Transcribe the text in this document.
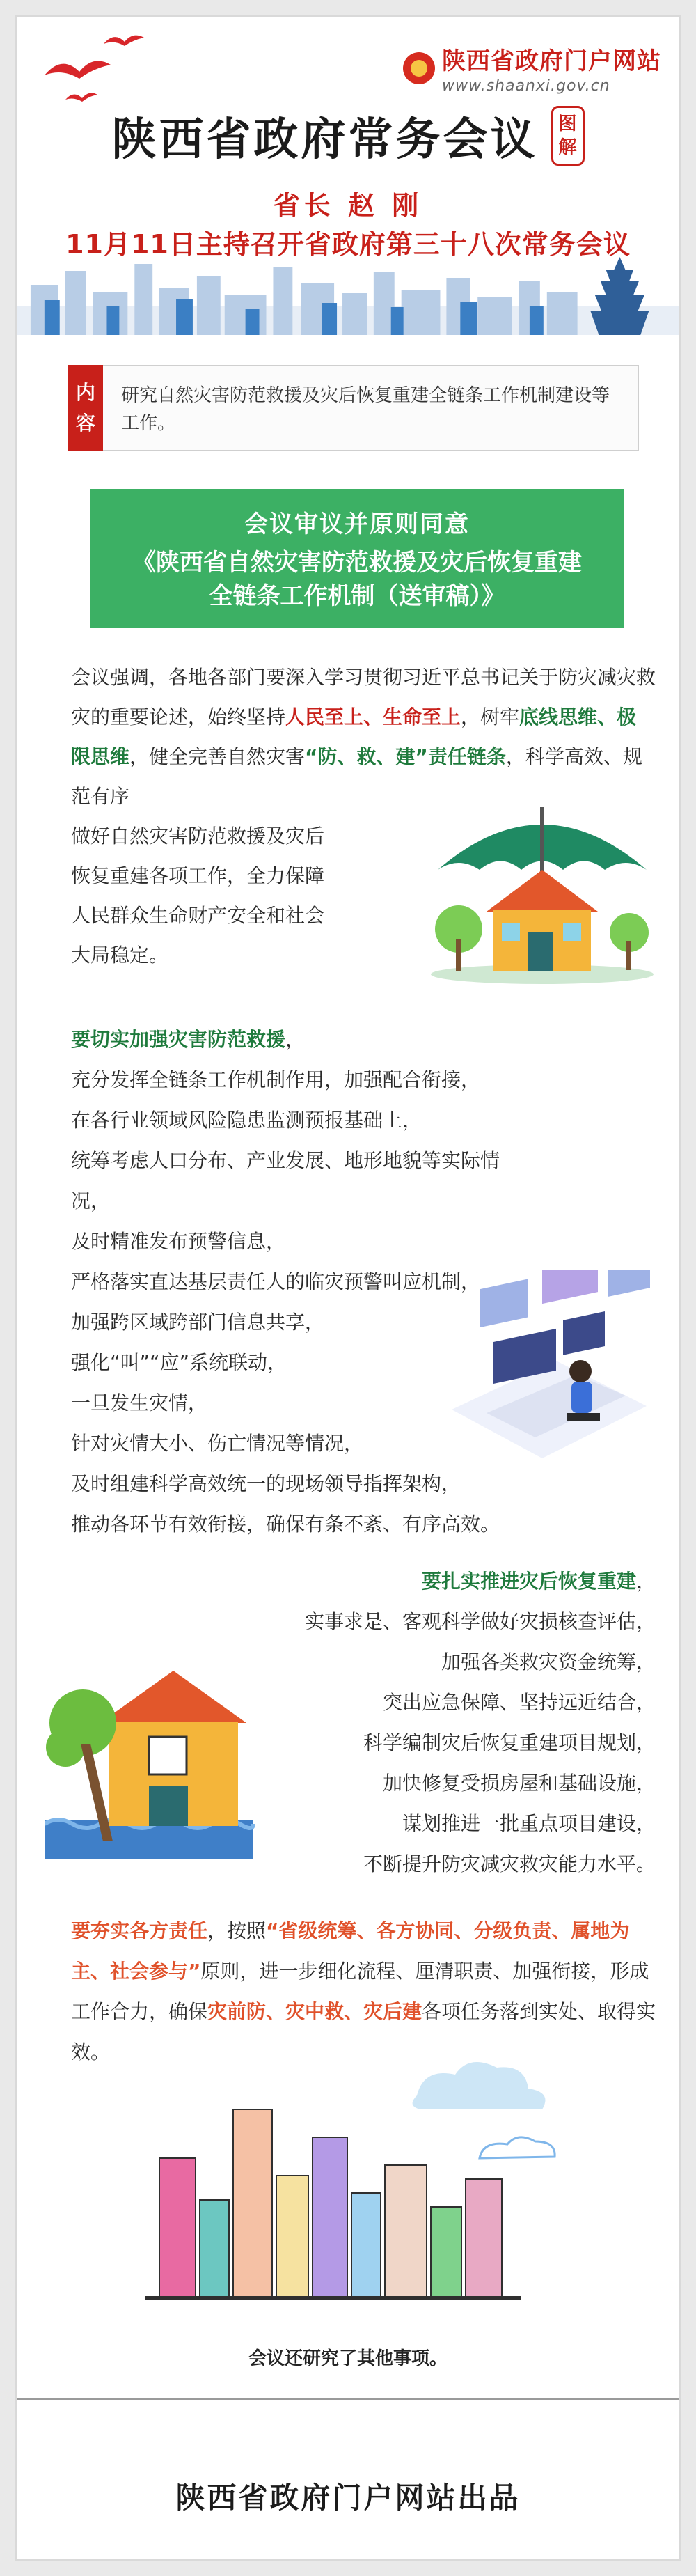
陕西省政府门户网站
www.shaanxi.gov.cn
陕西省政府常务会议 图
解
省长 赵 刚
11月11日主持召开省政府第三十八次常务会议
内
容
研究自然灾害防范救援及灾后恢复重建全链条工作机制建设等工作。
会议审议并原则同意
《陕西省自然灾害防范救援及灾后恢复重建
全链条工作机制（送审稿）》
会议强调，各地各部门要深入学习贯彻习近平总书记关于防灾减灾救灾的重要论述，始终坚持人民至上、生命至上，树牢底线思维、极限思维，健全完善自然灾害“防、救、建”责任链条，科学高效、规范有序
做好自然灾害防范救援及灾后
恢复重建各项工作，全力保障
人民群众生命财产安全和社会
大局稳定。
要切实加强灾害防范救援，
充分发挥全链条工作机制作用，加强配合衔接，
在各行业领域风险隐患监测预报基础上，
统筹考虑人口分布、产业发展、地形地貌等实际情况，
及时精准发布预警信息，
严格落实直达基层责任人的临灾预警叫应机制，
加强跨区域跨部门信息共享，
强化“叫”“应”系统联动，
一旦发生灾情，
针对灾情大小、伤亡情况等情况，
及时组建科学高效统一的现场领导指挥架构，
推动各环节有效衔接，确保有条不紊、有序高效。
要扎实推进灾后恢复重建，
实事求是、客观科学做好灾损核查评估，
加强各类救灾资金统筹，
突出应急保障、坚持远近结合，
科学编制灾后恢复重建项目规划，
加快修复受损房屋和基础设施，
谋划推进一批重点项目建设，
不断提升防灾减灾救灾能力水平。
要夯实各方责任，按照“省级统筹、各方协同、分级负责、属地为主、社会参与”原则，进一步细化流程、厘清职责、加强衔接，形成工作合力，确保灾前防、灾中救、灾后建各项任务落到实处、取得实效。
会议还研究了其他事项。
陕西省政府门户网站出品
